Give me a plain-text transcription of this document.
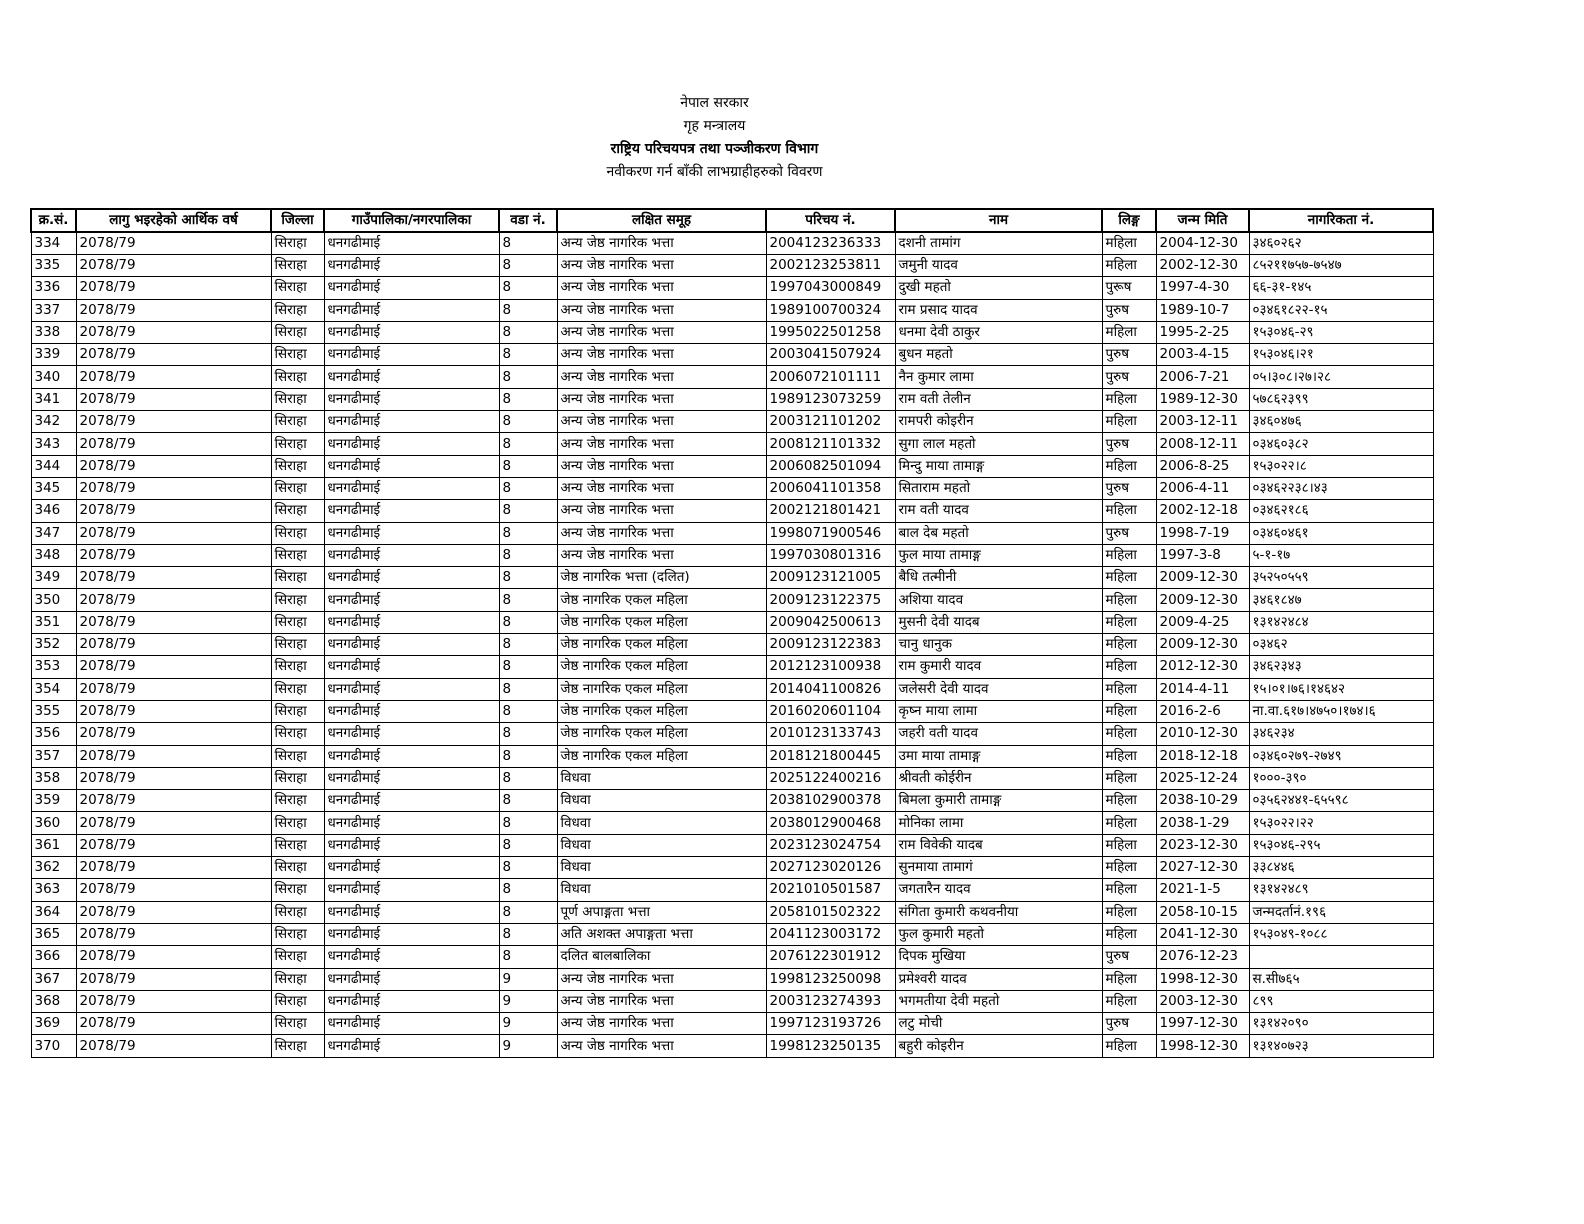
नेपाल सरकार
गृह मन्त्रालय
राष्ट्रिय परिचयपत्र तथा पञ्जीकरण विभाग
नवीकरण गर्न बाँकी लाभग्राहीहरुको विवरण
क्र.सं.	लागु भइरहेको आर्थिक वर्ष	जिल्ला	गाउँपालिका/नगरपालिका	वडा नं.	लक्षित समूह	परिचय नं.	नाम	लिङ्ग	जन्म मिति	नागरिकता नं.
334	2078/79	सिराहा	धनगढीमाई	8	अन्य जेष्ठ नागरिक भत्ता	2004123236333	दशनी तामांग	महिला	2004-12-30	३४६०२६२
335	2078/79	सिराहा	धनगढीमाई	8	अन्य जेष्ठ नागरिक भत्ता	2002123253811	जमुनी यादव	महिला	2002-12-30	८५२११७५७-७५४७
336	2078/79	सिराहा	धनगढीमाई	8	अन्य जेष्ठ नागरिक भत्ता	1997043000849	दुखी महतो	पुरूष	1997-4-30	६६-३१-१४५
337	2078/79	सिराहा	धनगढीमाई	8	अन्य जेष्ठ नागरिक भत्ता	1989100700324	राम प्रसाद यादव	पुरुष	1989-10-7	०३४६१८२२-१५
338	2078/79	सिराहा	धनगढीमाई	8	अन्य जेष्ठ नागरिक भत्ता	1995022501258	धनमा देवी ठाकुर	महिला	1995-2-25	१५३०४६-२९
339	2078/79	सिराहा	धनगढीमाई	8	अन्य जेष्ठ नागरिक भत्ता	2003041507924	बुधन महतो	पुरुष	2003-4-15	१५३०४६।२१
340	2078/79	सिराहा	धनगढीमाई	8	अन्य जेष्ठ नागरिक भत्ता	2006072101111	नैन कुमार लामा	पुरुष	2006-7-21	०५।३०८।२७।२८
341	2078/79	सिराहा	धनगढीमाई	8	अन्य जेष्ठ नागरिक भत्ता	1989123073259	राम वती तेलीन	महिला	1989-12-30	५७८६२३९९
342	2078/79	सिराहा	धनगढीमाई	8	अन्य जेष्ठ नागरिक भत्ता	2003121101202	रामपरी काेइरीन	महिला	2003-12-11	३४६०४७६
343	2078/79	सिराहा	धनगढीमाई	8	अन्य जेष्ठ नागरिक भत्ता	2008121101332	सुगा लाल महतो	पुरुष	2008-12-11	०३४६०३८२
344	2078/79	सिराहा	धनगढीमाई	8	अन्य जेष्ठ नागरिक भत्ता	2006082501094	मिन्दु माया तामाङ्ग	महिला	2006-8-25	१५३०२२।८
345	2078/79	सिराहा	धनगढीमाई	8	अन्य जेष्ठ नागरिक भत्ता	2006041101358	सिताराम महतो	पुरुष	2006-4-11	०३४६२२३८।४३
346	2078/79	सिराहा	धनगढीमाई	8	अन्य जेष्ठ नागरिक भत्ता	2002121801421	राम वती यादव	महिला	2002-12-18	०३४६२१८६
347	2078/79	सिराहा	धनगढीमाई	8	अन्य जेष्ठ नागरिक भत्ता	1998071900546	बाल देब महतो	पुरुष	1998-7-19	०३४६०४६१
348	2078/79	सिराहा	धनगढीमाई	8	अन्य जेष्ठ नागरिक भत्ता	1997030801316	फुल माया तामाङ्ग	महिला	1997-3-8	५-१-१७
349	2078/79	सिराहा	धनगढीमाई	8	जेष्ठ नागरिक भत्ता (दलित)	2009123121005	बैधि तत्मीनी	महिला	2009-12-30	३५२५०५५९
350	2078/79	सिराहा	धनगढीमाई	8	जेष्ठ नागरिक एकल महिला	2009123122375	अशिया यादव	महिला	2009-12-30	३४६१८४७
351	2078/79	सिराहा	धनगढीमाई	8	जेष्ठ नागरिक एकल महिला	2009042500613	मुसनी देवी यादब	महिला	2009-4-25	१३१४२४८४
352	2078/79	सिराहा	धनगढीमाई	8	जेष्ठ नागरिक एकल महिला	2009123122383	चानु धानुक	महिला	2009-12-30	०३४६२
353	2078/79	सिराहा	धनगढीमाई	8	जेष्ठ नागरिक एकल महिला	2012123100938	राम कुमारी यादव	महिला	2012-12-30	३४६२३४३
354	2078/79	सिराहा	धनगढीमाई	8	जेष्ठ नागरिक एकल महिला	2014041100826	जलेसरी देवी यादव	महिला	2014-4-11	१५।०१।७६।१४६४२
355	2078/79	सिराहा	धनगढीमाई	8	जेष्ठ नागरिक एकल महिला	2016020601104	कृष्न माया लामा	महिला	2016-2-6	ना.वा.६१७।४७५०।१७४।६
356	2078/79	सिराहा	धनगढीमाई	8	जेष्ठ नागरिक एकल महिला	2010123133743	जहरी वती यादव	महिला	2010-12-30	३४६२३४
357	2078/79	सिराहा	धनगढीमाई	8	जेष्ठ नागरिक एकल महिला	2018121800445	उमा माया तामाङ्ग	महिला	2018-12-18	०३४६०२७९-२७४९
358	2078/79	सिराहा	धनगढीमाई	8	विधवा	2025122400216	श्रीवती कोईरीन	महिला	2025-12-24	१०००-३९०
359	2078/79	सिराहा	धनगढीमाई	8	विधवा	2038102900378	बिमला कुमारी तामाङ्ग	महिला	2038-10-29	०३५६२४४१-६५५९८
360	2078/79	सिराहा	धनगढीमाई	8	विधवा	2038012900468	मोनिका लामा	महिला	2038-1-29	१५३०२२।२२
361	2078/79	सिराहा	धनगढीमाई	8	विधवा	2023123024754	राम विवेकी यादब	महिला	2023-12-30	१५३०४६-२९५
362	2078/79	सिराहा	धनगढीमाई	8	विधवा	2027123020126	सुनमाया तामागं	महिला	2027-12-30	३३८४४६
363	2078/79	सिराहा	धनगढीमाई	8	विधवा	2021010501587	जगतारैन यादव	महिला	2021-1-5	१३१४२४८९
364	2078/79	सिराहा	धनगढीमाई	8	पूर्ण अपाङ्गता भत्ता	2058101502322	संगिता कुमारी कथवनीया	महिला	2058-10-15	जन्मदर्तानं.१९६
365	2078/79	सिराहा	धनगढीमाई	8	अति अशक्त अपाङ्गता भत्ता	2041123003172	फुल कुमारी महतो	महिला	2041-12-30	१५३०४९-१०८८
366	2078/79	सिराहा	धनगढीमाई	8	दलित बालबालिका	2076122301912	दिपक मुखिया	पुरुष	2076-12-23	
367	2078/79	सिराहा	धनगढीमाई	9	अन्य जेष्ठ नागरिक भत्ता	1998123250098	प्रमेश्वरी यादव	महिला	1998-12-30	स.सी७६५
368	2078/79	सिराहा	धनगढीमाई	9	अन्य जेष्ठ नागरिक भत्ता	2003123274393	भगमतीया देवी महतो	महिला	2003-12-30	८९९
369	2078/79	सिराहा	धनगढीमाई	9	अन्य जेष्ठ नागरिक भत्ता	1997123193726	लटु मोची	पुरुष	1997-12-30	१३१४२०९०
370	2078/79	सिराहा	धनगढीमाई	9	अन्य जेष्ठ नागरिक भत्ता	1998123250135	बहुरी कोइरीन	महिला	1998-12-30	१३१४०७२३
